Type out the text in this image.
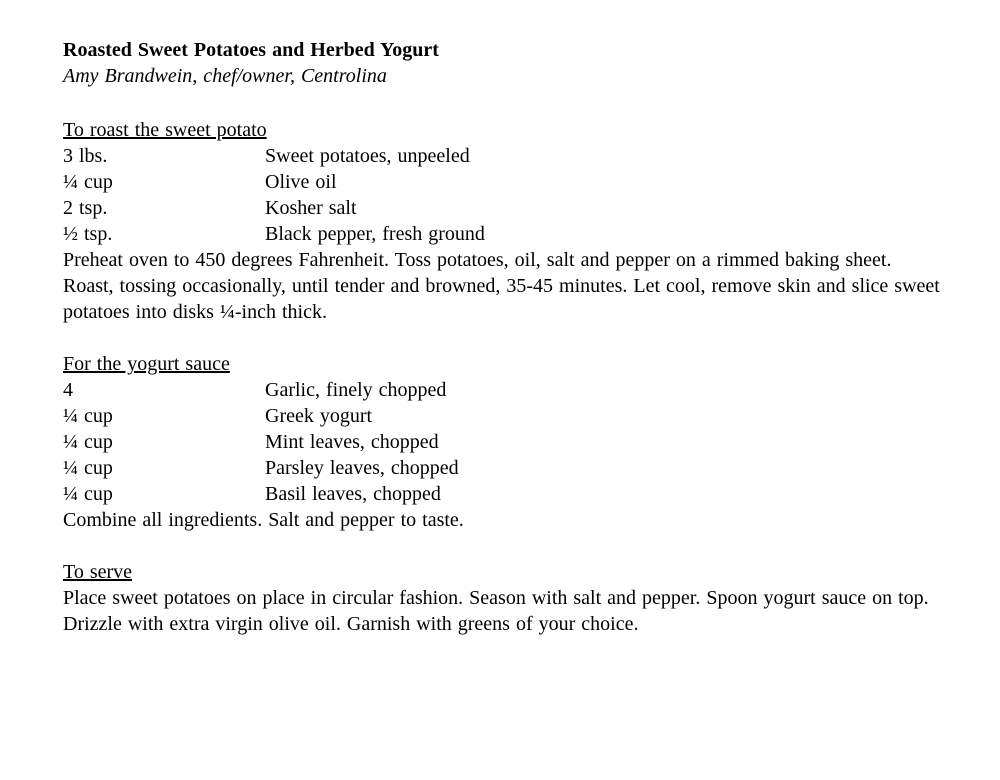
Roasted Sweet Potatoes and Herbed Yogurt

Amy Brandwein, chef/owner, Centrolina

To roast the sweet potato
3 lbs.	Sweet potatoes, unpeeled
¼ cup	Olive oil
2 tsp.	Kosher salt
½ tsp.	Black pepper, fresh ground

Preheat oven to 450 degrees Fahrenheit. Toss potatoes, oil, salt and pepper on a rimmed baking sheet. Roast, tossing occasionally, until tender and browned, 35-45 minutes. Let cool, remove skin and slice sweet potatoes into disks ¼-inch thick.

For the yogurt sauce
4	Garlic, finely chopped
¼ cup	Greek yogurt
¼ cup	Mint leaves, chopped
¼ cup	Parsley leaves, chopped
¼ cup	Basil leaves, chopped

Combine all ingredients. Salt and pepper to taste.

To serve

Place sweet potatoes on place in circular fashion. Season with salt and pepper. Spoon yogurt sauce on top. Drizzle with extra virgin olive oil. Garnish with greens of your choice.
